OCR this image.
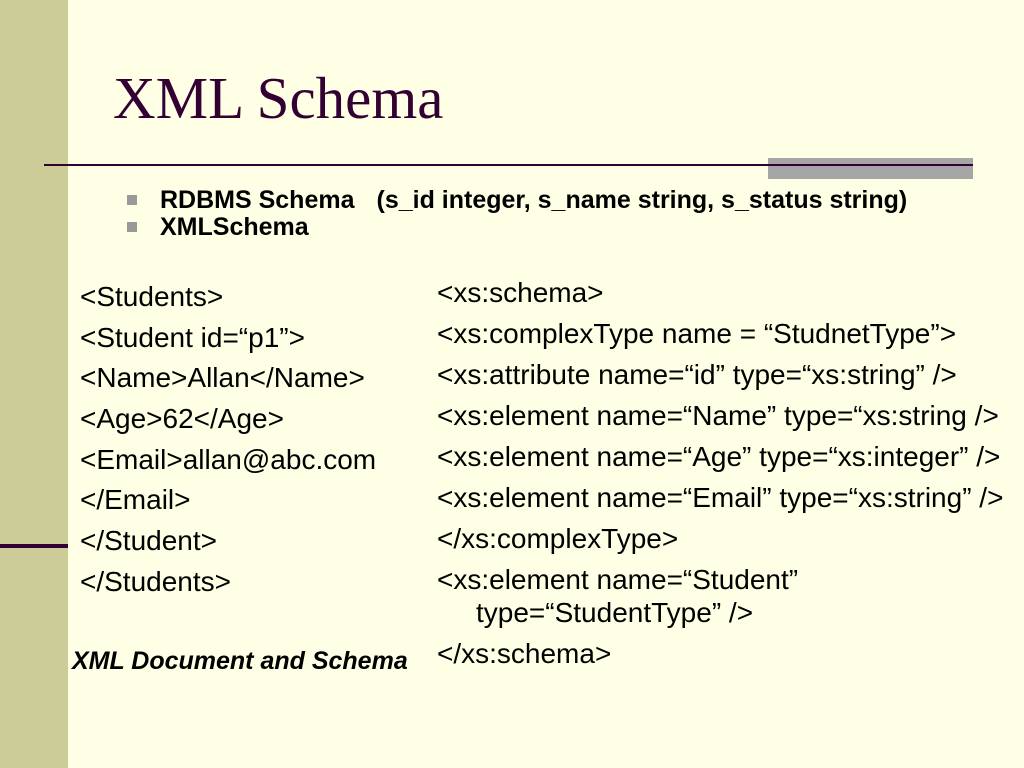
XML Schema
RDBMS Schema (s_id integer, s_name string, s_status string)
XMLSchema
<Students>
<Student id=“p1”>
<Name>Allan</Name>
<Age>62</Age>
<Email>allan@abc.com
</Email>
</Student>
</Students>
<xs:schema>
<xs:complexType name = “StudnetType”>
<xs:attribute name=“id” type=“xs:string” />
<xs:element name=“Name” type=“xs:string />
<xs:element name=“Age” type=“xs:integer” />
<xs:element name=“Email” type=“xs:string” />
</xs:complexType>
<xs:element name=“Student”
type=“StudentType” />
</xs:schema>
XML Document and Schema
